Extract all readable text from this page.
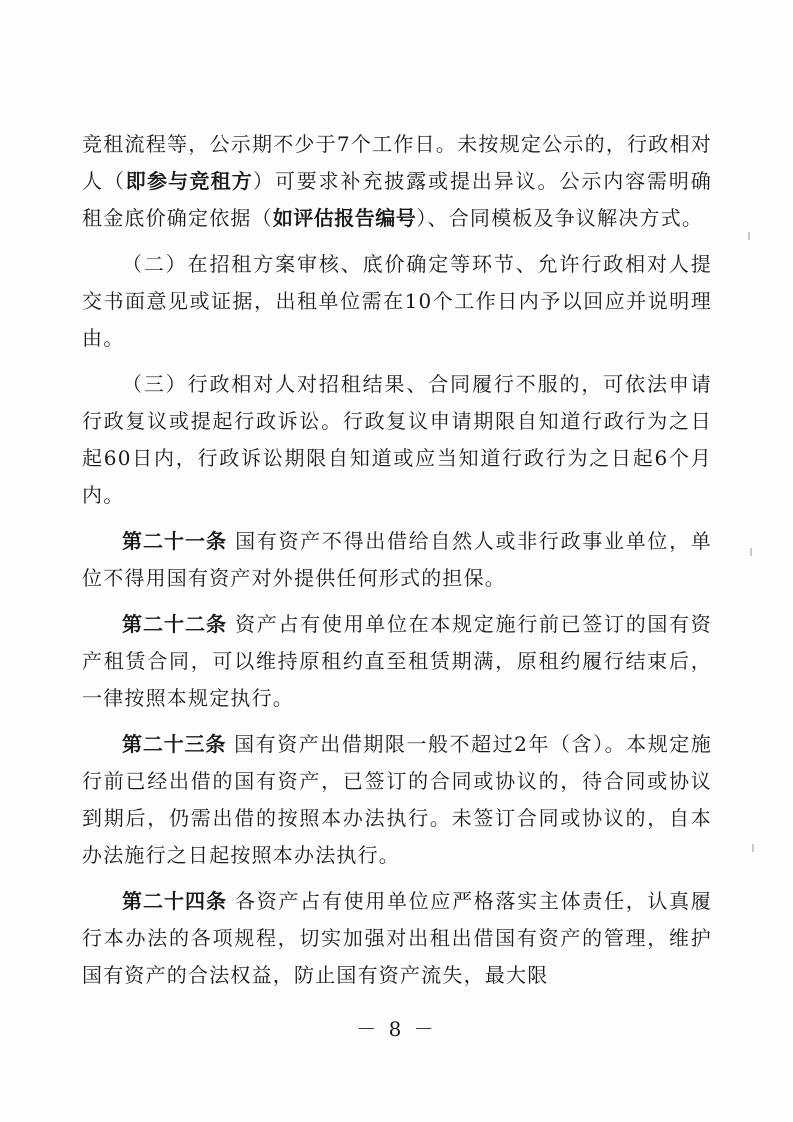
竞租流程等，公示期不少于7个工作日。未按规定公示的，行政相对人（即参与竞租方）可要求补充披露或提出异议。公示内容需明确租金底价确定依据（如评估报告编号）、合同模板及争议解决方式。

（二）在招租方案审核、底价确定等环节、允许行政相对人提交书面意见或证据，出租单位需在10个工作日内予以回应并说明理由。

（三）行政相对人对招租结果、合同履行不服的，可依法申请行政复议或提起行政诉讼。行政复议申请期限自知道行政行为之日起60日内，行政诉讼期限自知道或应当知道行政行为之日起6个月内。

第二十一条 国有资产不得出借给自然人或非行政事业单位，单位不得用国有资产对外提供任何形式的担保。

第二十二条 资产占有使用单位在本规定施行前已签订的国有资产租赁合同，可以维持原租约直至租赁期满，原租约履行结束后，一律按照本规定执行。

第二十三条 国有资产出借期限一般不超过2年（含）。本规定施行前已经出借的国有资产，已签订的合同或协议的，待合同或协议到期后，仍需出借的按照本办法执行。未签订合同或协议的，自本办法施行之日起按照本办法执行。

第二十四条 各资产占有使用单位应严格落实主体责任，认真履行本办法的各项规程，切实加强对出租出借国有资产的管理，维护国有资产的合法权益，防止国有资产流失，最大限

－ 8 －
